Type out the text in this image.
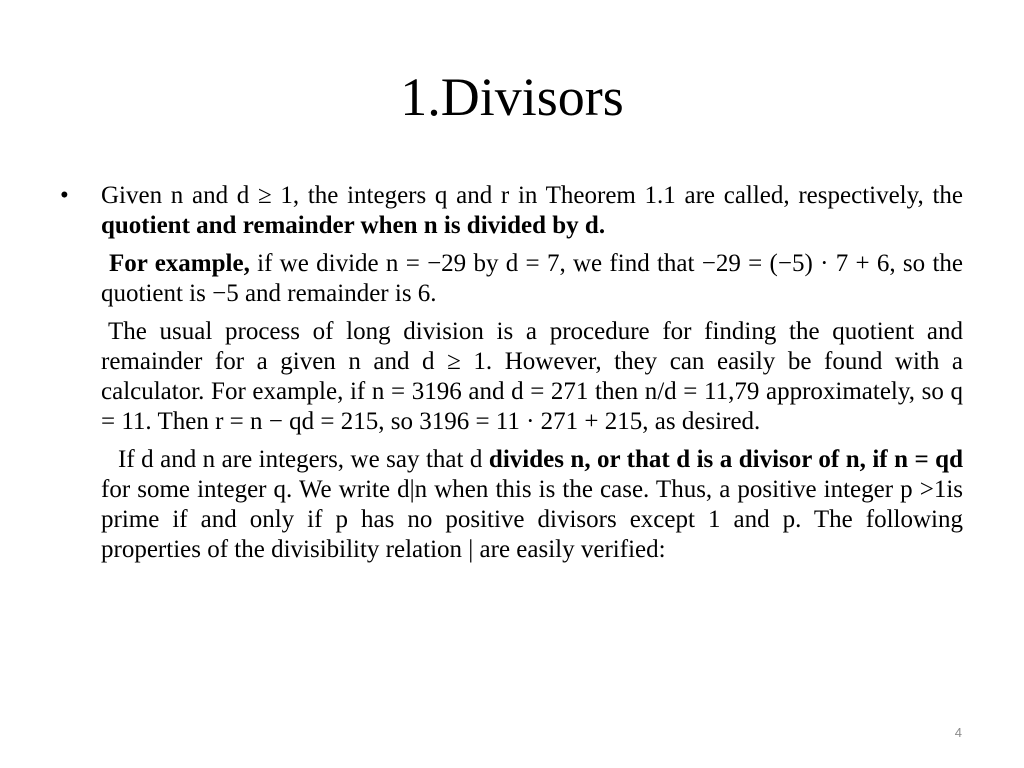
1.Divisors
• Given n and d ≥ 1, the integers q and r in Theorem 1.1 are called, respectively, the quotient and remainder when n is divided by d.

For example, if we divide n = −29 by d = 7, we find that −29 = (−5) · 7 + 6, so the quotient is −5 and remainder is 6.

The usual process of long division is a procedure for finding the quotient and remainder for a given n and d ≥ 1. However, they can easily be found with a calculator. For example, if n = 3196 and d = 271 then n/d = 11,79 approximately, so q = 11. Then r = n − qd = 215, so 3196 = 11 · 271 + 215, as desired.

If d and n are integers, we say that d divides n, or that d is a divisor of n, if n = qd for some integer q. We write d|n when this is the case. Thus, a positive integer p >1is prime if and only if p has no positive divisors except 1 and p. The following properties of the divisibility relation | are easily verified:

4
